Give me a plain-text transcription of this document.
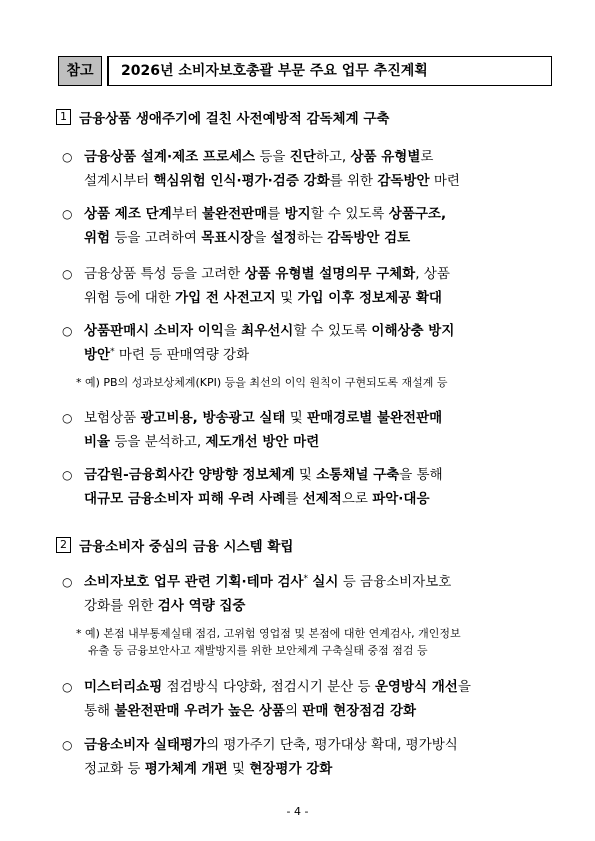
참고	2026년 소비자보호총괄 부문 주요 업무 추진계획
1 금융상품 생애주기에 걸친 사전예방적 감독체계 구축
○ 금융상품 설계·제조 프로세스 등을 진단하고, 상품 유형별로
설계시부터 핵심위험 인식·평가·검증 강화를 위한 감독방안 마련
○ 상품 제조 단계부터 불완전판매를 방지할 수 있도록 상품구조,
위험 등을 고려하여 목표시장을 설정하는 감독방안 검토
○ 금융상품 특성 등을 고려한 상품 유형별 설명의무 구체화, 상품
위험 등에 대한 가입 전 사전고지 및 가입 이후 정보제공 확대
○ 상품판매시 소비자 이익을 최우선시할 수 있도록 이해상충 방지
방안* 마련 등 판매역량 강화
* 예) PB의 성과보상체계(KPI) 등을 최선의 이익 원칙이 구현되도록 재설계 등
○ 보험상품 광고비용, 방송광고 실태 및 판매경로별 불완전판매
비율 등을 분석하고, 제도개선 방안 마련
○ 금감원-금융회사간 양방향 정보체계 및 소통채널 구축을 통해
대규모 금융소비자 피해 우려 사례를 선제적으로 파악·대응
2 금융소비자 중심의 금융 시스템 확립
○ 소비자보호 업무 관련 기획·테마 검사* 실시 등 금융소비자보호
강화를 위한 검사 역량 집중
* 예) 본점 내부통제실태 점검, 고위험 영업점 및 본점에 대한 연계검사, 개인정보
유출 등 금융보안사고 재발방지를 위한 보안체계 구축실태 중점 점검 등
○ 미스터리쇼핑 점검방식 다양화, 점검시기 분산 등 운영방식 개선을
통해 불완전판매 우려가 높은 상품의 판매 현장점검 강화
○ 금융소비자 실태평가의 평가주기 단축, 평가대상 확대, 평가방식
정교화 등 평가체계 개편 및 현장평가 강화
- 4 -
